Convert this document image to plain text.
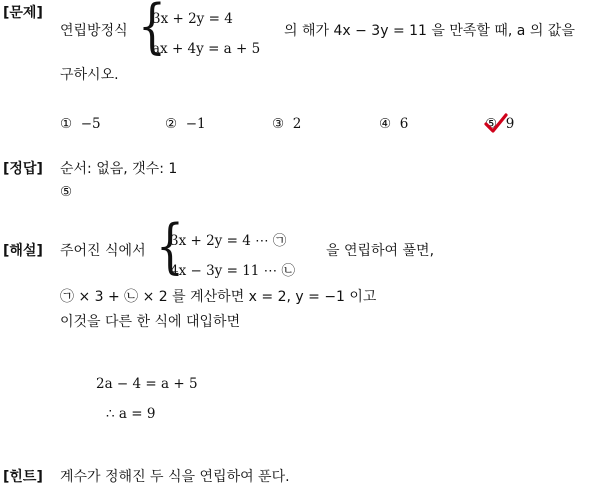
[문제]
연립방정식 {
3x + 2y = 4
ax + 4y = a + 5
의 해가 4x − 3y = 11 을 만족할 때, a 의 값을
구하시오.
① −5	② −1	③ 2	④ 6	⑤ 9
[정답] 순서: 없음, 갯수: 1
⑤
[해설] 주어진 식에서 {
3x + 2y = 4 ⋯ ㉠
4x − 3y = 11 ⋯ ㉡
을 연립하여 풀면,
㉠ × 3 + ㉡ × 2 를 계산하면 x = 2, y = −1 이고
이것을 다른 한 식에 대입하면
2a − 4 = a + 5
∴ a = 9
[힌트] 계수가 정해진 두 식을 연립하여 푼다.
